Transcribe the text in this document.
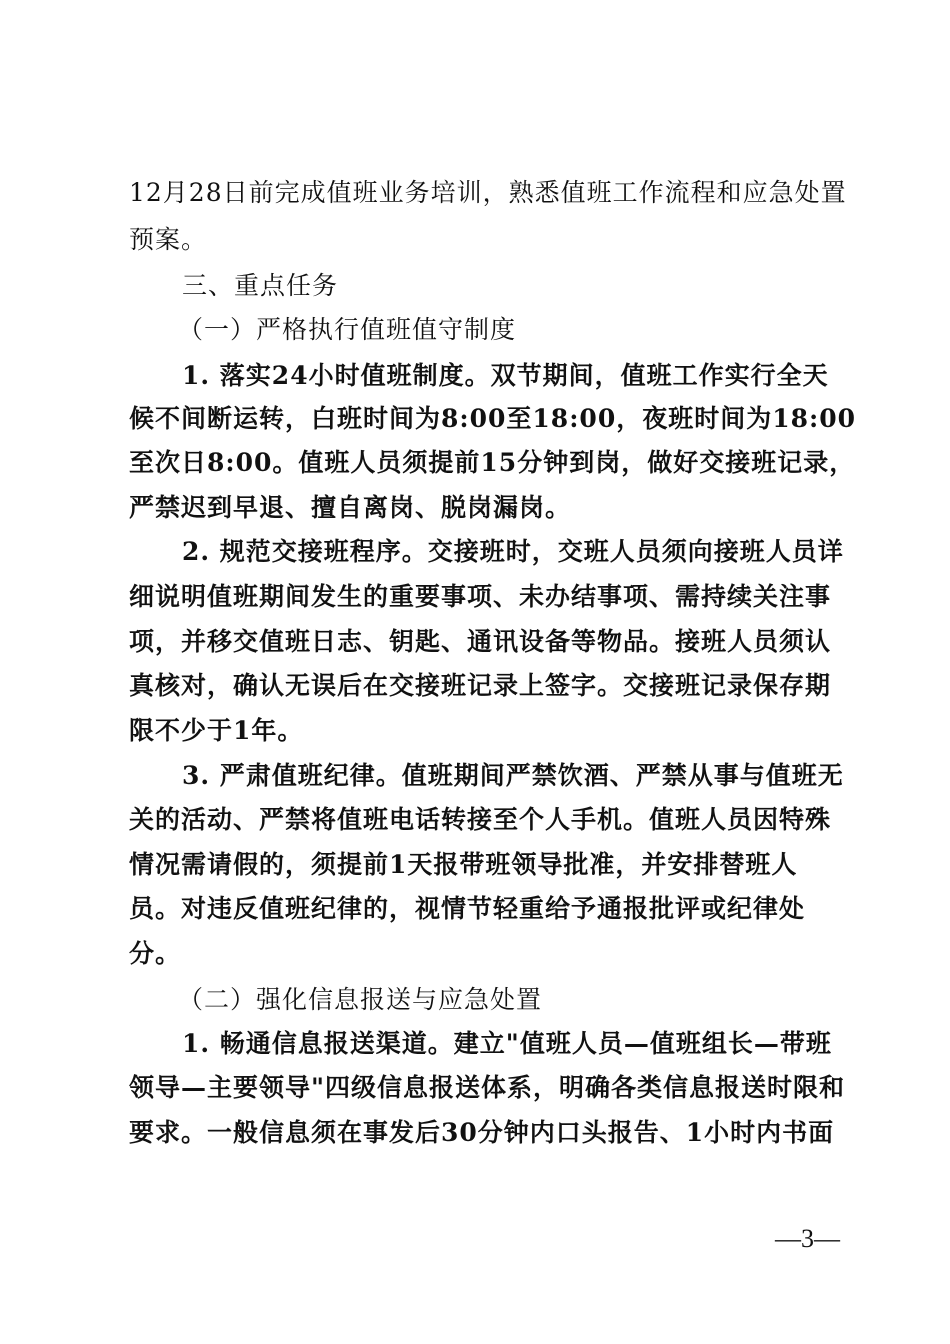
12月28日前完成值班业务培训，熟悉值班工作流程和应急处置
预案。
三、重点任务
（一）严格执行值班值守制度
1. 落实24小时值班制度。双节期间，值班工作实行全天
候不间断运转，白班时间为8:00至18:00，夜班时间为18:00
至次日8:00。值班人员须提前15分钟到岗，做好交接班记录，
严禁迟到早退、擅自离岗、脱岗漏岗。
2. 规范交接班程序。交接班时，交班人员须向接班人员详
细说明值班期间发生的重要事项、未办结事项、需持续关注事
项，并移交值班日志、钥匙、通讯设备等物品。接班人员须认
真核对，确认无误后在交接班记录上签字。交接班记录保存期
限不少于1年。
3. 严肃值班纪律。值班期间严禁饮酒、严禁从事与值班无
关的活动、严禁将值班电话转接至个人手机。值班人员因特殊
情况需请假的，须提前1天报带班领导批准，并安排替班人
员。对违反值班纪律的，视情节轻重给予通报批评或纪律处
分。
（二）强化信息报送与应急处置
1. 畅通信息报送渠道。建立"值班人员—值班组长—带班
领导—主要领导"四级信息报送体系，明确各类信息报送时限和
要求。一般信息须在事发后30分钟内口头报告、1小时内书面
—3—
